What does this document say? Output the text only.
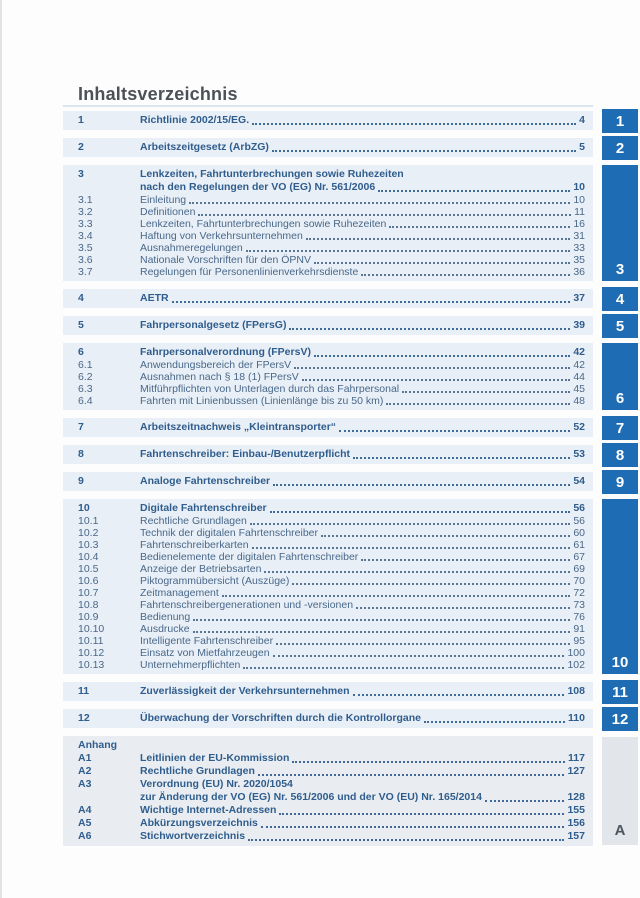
Inhaltsverzeichnis
1	Richtlinie 2002/15/EG.	4
2	Arbeitszeitgesetz (ArbZG)	5
3	Lenkzeiten, Fahrtunterbrechungen sowie Ruhezeiten
nach den Regelungen der VO (EG) Nr. 561/2006	10
3.1	Einleitung	10
3.2	Definitionen	11
3.3	Lenkzeiten, Fahrtunterbrechungen sowie Ruhezeiten	16
3.4	Haftung von Verkehrsunternehmen	31
3.5	Ausnahmeregelungen	33
3.6	Nationale Vorschriften für den ÖPNV	35
3.7	Regelungen für Personenlinienverkehrsdienste	36
4	AETR	37
5	Fahrpersonalgesetz (FPersG)	39
6	Fahrpersonalverordnung (FPersV)	42
6.1	Anwendungsbereich der FPersV	42
6.2	Ausnahmen nach § 18 (1) FPersV	44
6.3	Mitführpflichten von Unterlagen durch das Fahrpersonal	45
6.4	Fahrten mit Linienbussen (Linienlänge bis zu 50 km)	48
7	Arbeitszeitnachweis „Kleintransporter“	52
8	Fahrtenschreiber: Einbau-/Benutzerpflicht	53
9	Analoge Fahrtenschreiber	54
10	Digitale Fahrtenschreiber	56
10.1	Rechtliche Grundlagen	56
10.2	Technik der digitalen Fahrtenschreiber	60
10.3	Fahrtenschreiberkarten	61
10.4	Bedienelemente der digitalen Fahrtenschreiber	67
10.5	Anzeige der Betriebsarten	69
10.6	Piktogrammübersicht (Auszüge)	70
10.7	Zeitmanagement	72
10.8	Fahrtenschreibergenerationen und -versionen	73
10.9	Bedienung	76
10.10	Ausdrucke	91
10.11	Intelligente Fahrtenschreiber	95
10.12	Einsatz von Mietfahrzeugen	100
10.13	Unternehmerpflichten	102
11	Zuverlässigkeit der Verkehrsunternehmen	108
12	Überwachung der Vorschriften durch die Kontrollorgane	110
Anhang
A1	Leitlinien der EU-Kommission	117
A2	Rechtliche Grundlagen	127
A3	Verordnung (EU) Nr. 2020/1054
zur Änderung der VO (EG) Nr. 561/2006 und der VO (EU) Nr. 165/2014	128
A4	Wichtige Internet-Adressen	155
A5	Abkürzungsverzeichnis	156
A6	Stichwortverzeichnis	157
1
2
3
4
5
6
7
8
9
10
11
12
A
